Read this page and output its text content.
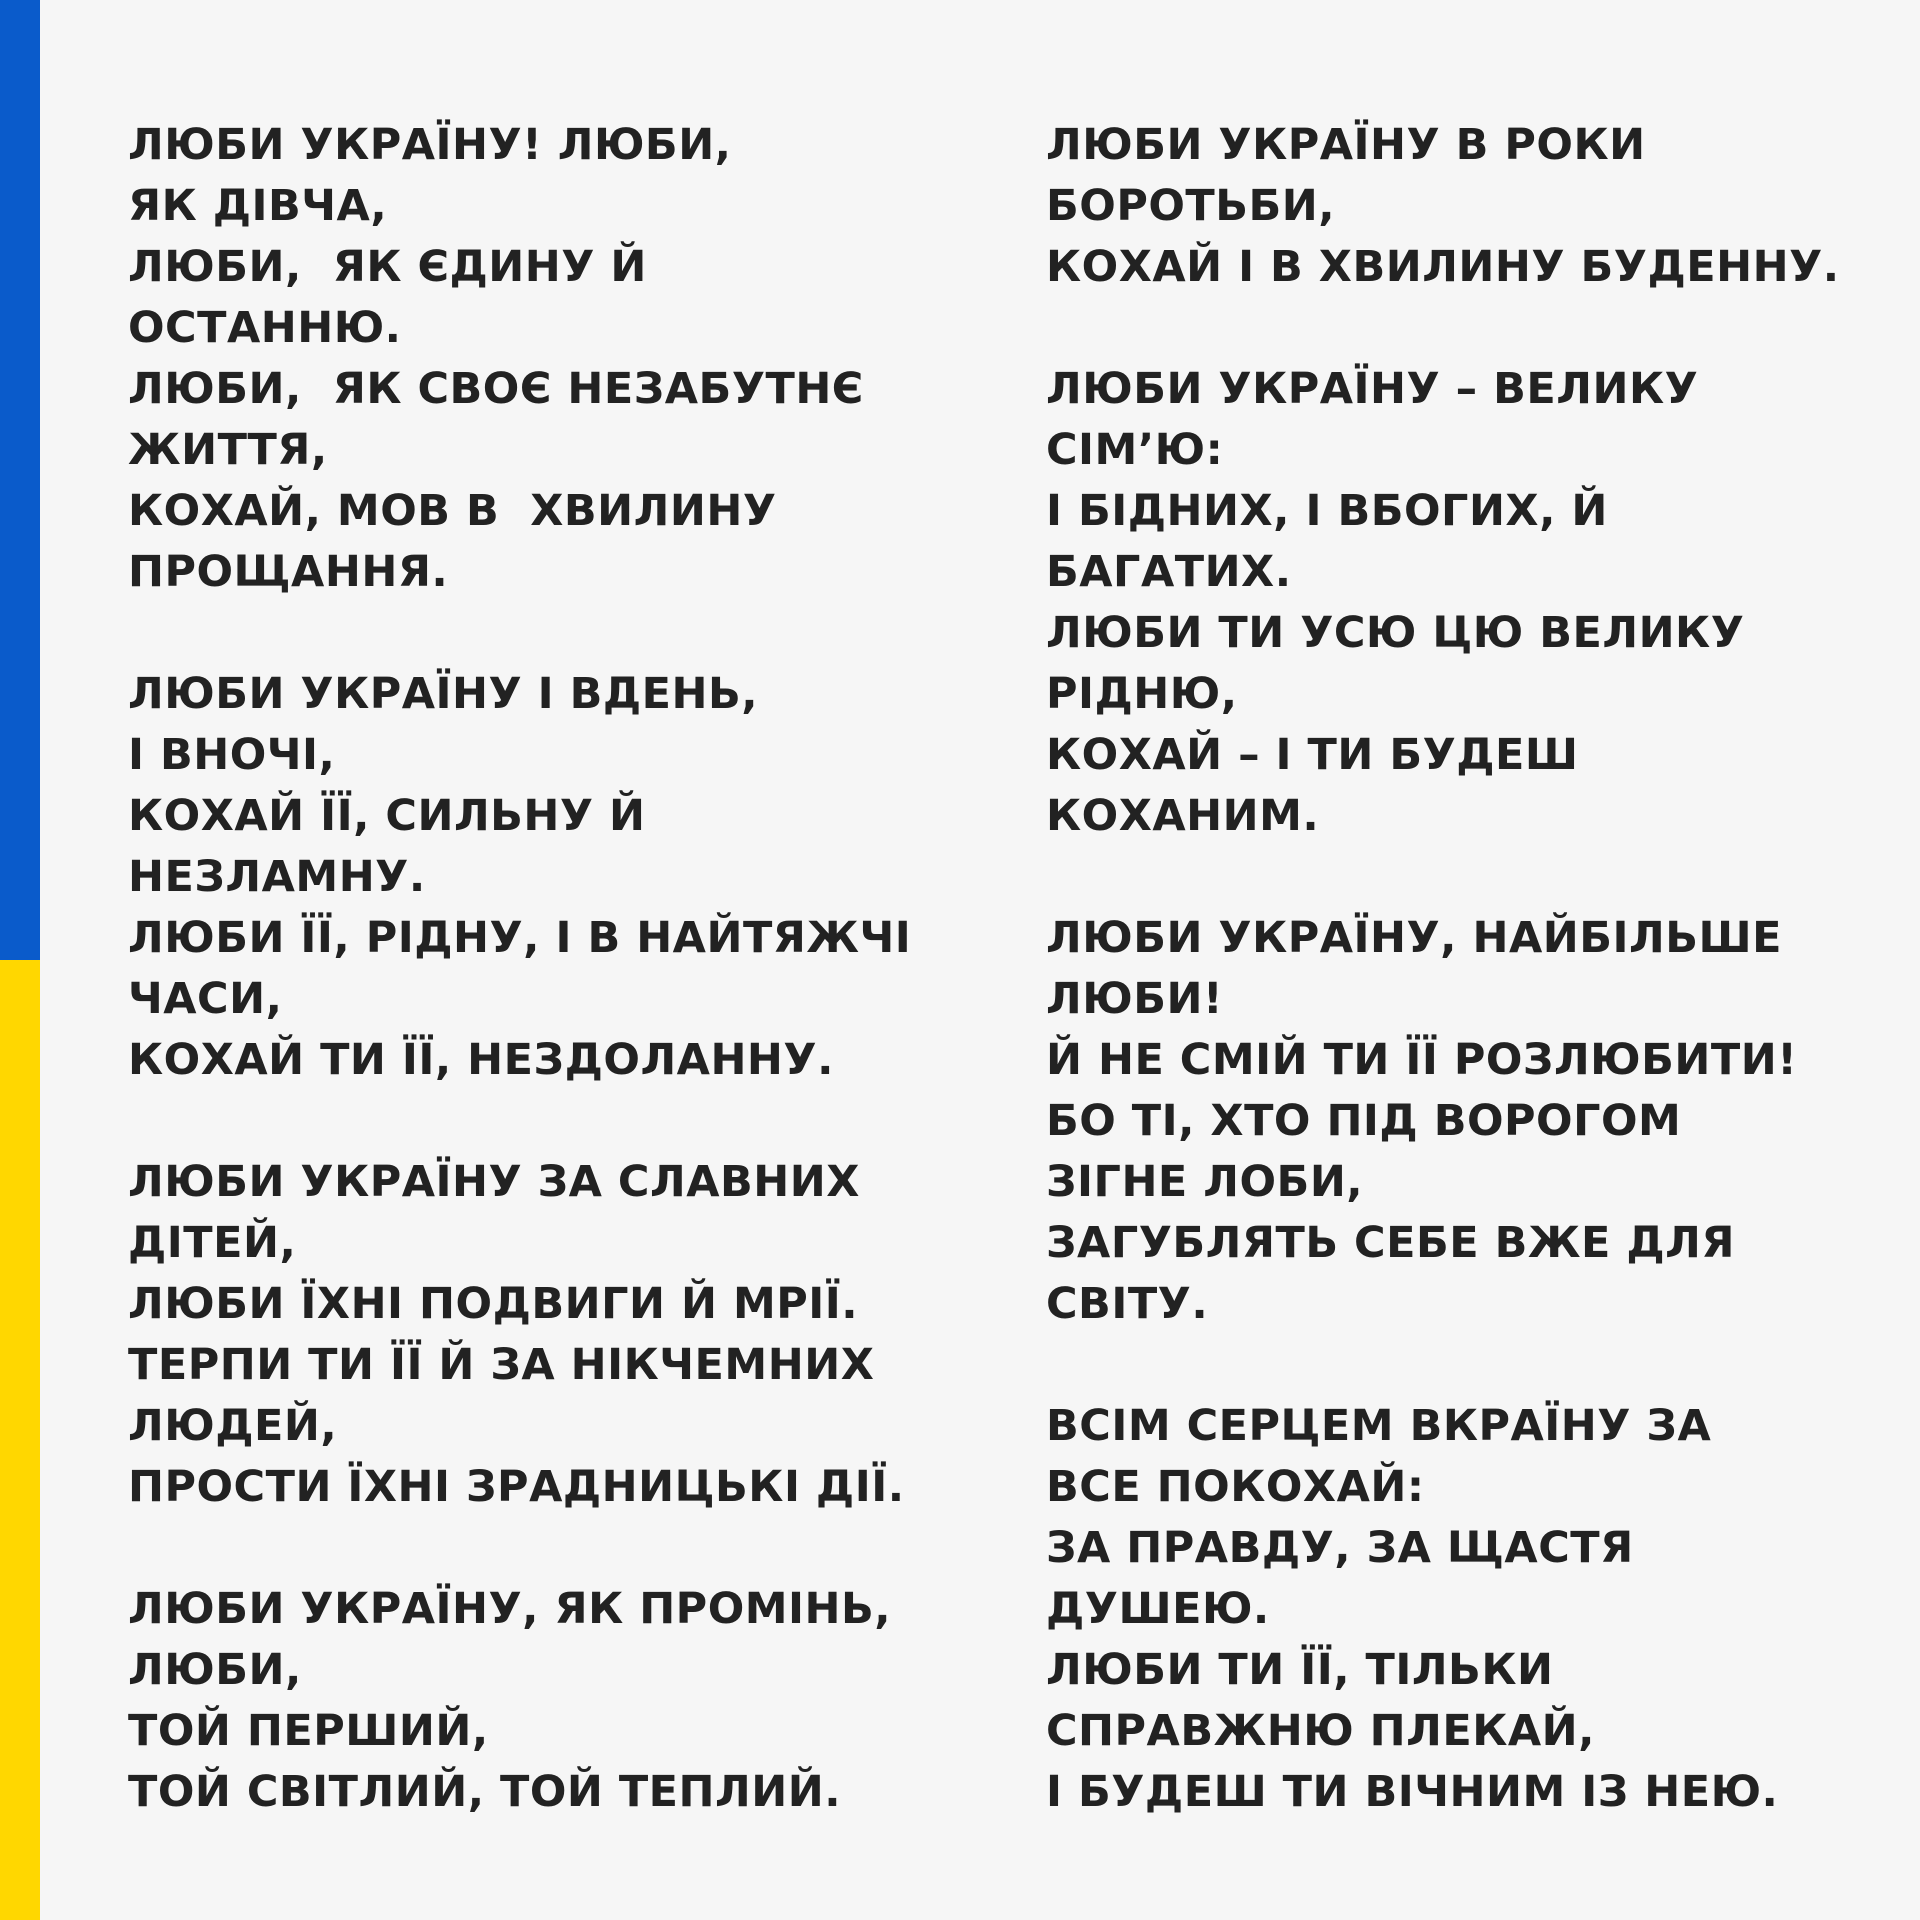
ЛЮБИ УКРАЇНУ! ЛЮБИ,
ЯК ДІВЧА,
ЛЮБИ,  ЯК ЄДИНУ Й
ОСТАННЮ.
ЛЮБИ,  ЯК СВОЄ НЕЗАБУТНЄ
ЖИТТЯ,
КОХАЙ, МОВ В  ХВИЛИНУ
ПРОЩАННЯ.
ЛЮБИ УКРАЇНУ І ВДЕНЬ,
І ВНОЧІ,
КОХАЙ ЇЇ, СИЛЬНУ Й
НЕЗЛАМНУ.
ЛЮБИ ЇЇ, РІДНУ, І В НАЙТЯЖЧІ
ЧАСИ,
КОХАЙ ТИ ЇЇ, НЕЗДОЛАННУ.
ЛЮБИ УКРАЇНУ ЗА СЛАВНИХ
ДІТЕЙ,
ЛЮБИ ЇХНІ ПОДВИГИ Й МРІЇ.
ТЕРПИ ТИ ЇЇ Й ЗА НІКЧЕМНИХ
ЛЮДЕЙ,
ПРОСТИ ЇХНІ ЗРАДНИЦЬКІ ДІЇ.
ЛЮБИ УКРАЇНУ, ЯК ПРОМІНЬ,
ЛЮБИ,
ТОЙ ПЕРШИЙ,
ТОЙ СВІТЛИЙ, ТОЙ ТЕПЛИЙ.
ЛЮБИ УКРАЇНУ В РОКИ
БОРОТЬБИ,
КОХАЙ І В ХВИЛИНУ БУДЕННУ.
ЛЮБИ УКРАЇНУ – ВЕЛИКУ
СІМ’Ю:
І БІДНИХ, І ВБОГИХ, Й
БАГАТИХ.
ЛЮБИ ТИ УСЮ ЦЮ ВЕЛИКУ
РІДНЮ,
КОХАЙ – І ТИ БУДЕШ
КОХАНИМ.
ЛЮБИ УКРАЇНУ, НАЙБІЛЬШЕ
ЛЮБИ!
Й НЕ СМІЙ ТИ ЇЇ РОЗЛЮБИТИ!
БО ТІ, ХТО ПІД ВОРОГОМ
ЗІГНЕ ЛОБИ,
ЗАГУБЛЯТЬ СЕБЕ ВЖЕ ДЛЯ
СВІТУ.
ВСІМ СЕРЦЕМ ВКРАЇНУ ЗА
ВСЕ ПОКОХАЙ:
ЗА ПРАВДУ, ЗА ЩАСТЯ
ДУШЕЮ.
ЛЮБИ ТИ ЇЇ, ТІЛЬКИ
СПРАВЖНЮ ПЛЕКАЙ,
І БУДЕШ ТИ ВІЧНИМ ІЗ НЕЮ.
